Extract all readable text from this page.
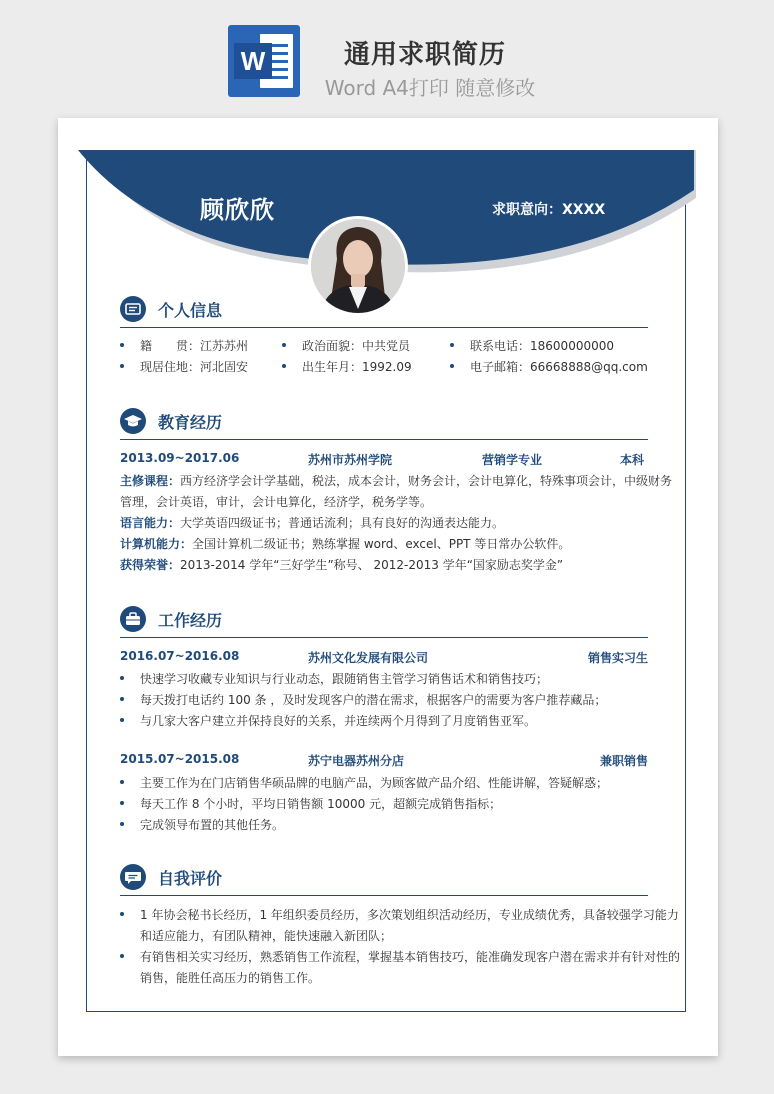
W	通用求职简历
Word A4打印 随意修改
顾欣欣	求职意向：XXXX
个人信息
籍　　贯：江苏苏州	政治面貌：中共党员	联系电话：18600000000
现居住地：河北固安	出生年月：1992.09	电子邮箱：66668888@qq.com
教育经历
2013.09~2017.06	苏州市苏州学院	营销学专业	本科
主修课程：西方经济学会计学基础，税法，成本会计，财务会计，会计电算化，特殊事项会计，中级财务
管理，会计英语，审计，会计电算化，经济学，税务学等。
语言能力：大学英语四级证书；普通话流利；具有良好的沟通表达能力。
计算机能力：全国计算机二级证书；熟练掌握 word、excel、PPT 等日常办公软件。
获得荣誉：2013-2014 学年“三好学生”称号、 2012-2013 学年“国家励志奖学金”
工作经历
2016.07~2016.08	苏州文化发展有限公司	销售实习生
快速学习收藏专业知识与行业动态，跟随销售主管学习销售话术和销售技巧；
每天拨打电话约 100 条 ，及时发现客户的潜在需求，根据客户的需要为客户推荐藏品；
与几家大客户建立并保持良好的关系，并连续两个月得到了月度销售亚军。
2015.07~2015.08	苏宁电器苏州分店	兼职销售
主要工作为在门店销售华硕品牌的电脑产品，为顾客做产品介绍、性能讲解，答疑解惑；
每天工作 8 个小时，平均日销售额 10000 元，超额完成销售指标；
完成领导布置的其他任务。
自我评价
1 年协会秘书长经历，1 年组织委员经历，多次策划组织活动经历，专业成绩优秀，具备较强学习能力
和适应能力，有团队精神，能快速融入新团队；
有销售相关实习经历，熟悉销售工作流程，掌握基本销售技巧，能准确发现客户潜在需求并有针对性的
销售，能胜任高压力的销售工作。
